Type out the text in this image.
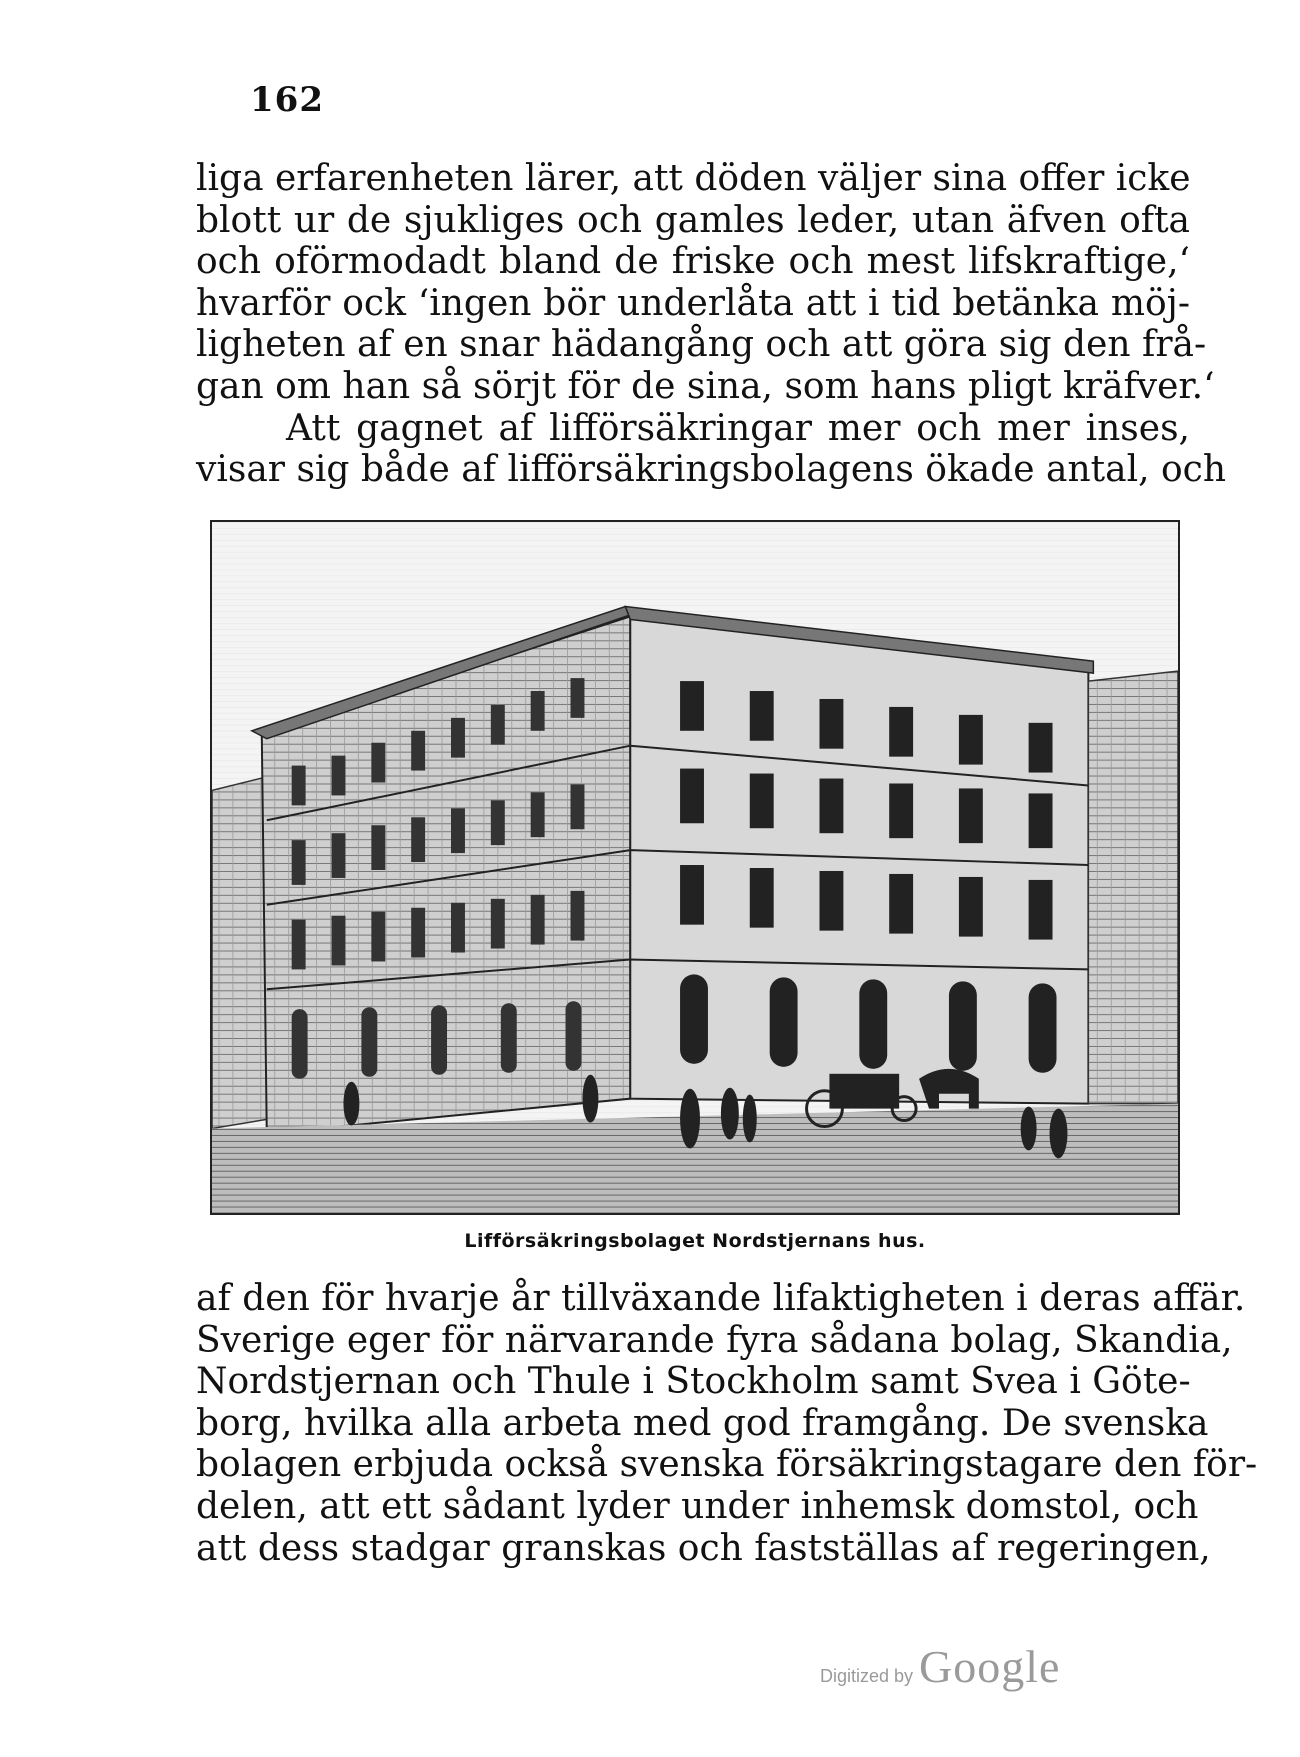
162
liga erfarenheten lärer, att döden väljer sina offer icke
blott ur de sjukliges och gamles leder, utan äfven ofta
och oförmodadt bland de friske och mest lifskraftige,‘
hvarför ock ‘ingen bör underlåta att i tid betänka möj-
ligheten af en snar hädangång och att göra sig den frå-
gan om han så sörjt för de sina, som hans pligt kräfver.‘
Att gagnet af lifförsäkringar mer och mer inses,
visar sig både af lifförsäkringsbolagens ökade antal, och
Lifförsäkringsbolaget Nordstjernans hus.
af den för hvarje år tillväxande lifaktigheten i deras affär.
Sverige eger för närvarande fyra sådana bolag, Skandia,
Nordstjernan och Thule i Stockholm samt Svea i Göte-
borg, hvilka alla arbeta med god framgång. De svenska
bolagen erbjuda också svenska försäkringstagare den för-
delen, att ett sådant lyder under inhemsk domstol, och
att dess stadgar granskas och fastställas af regeringen,
Digitized by Google
